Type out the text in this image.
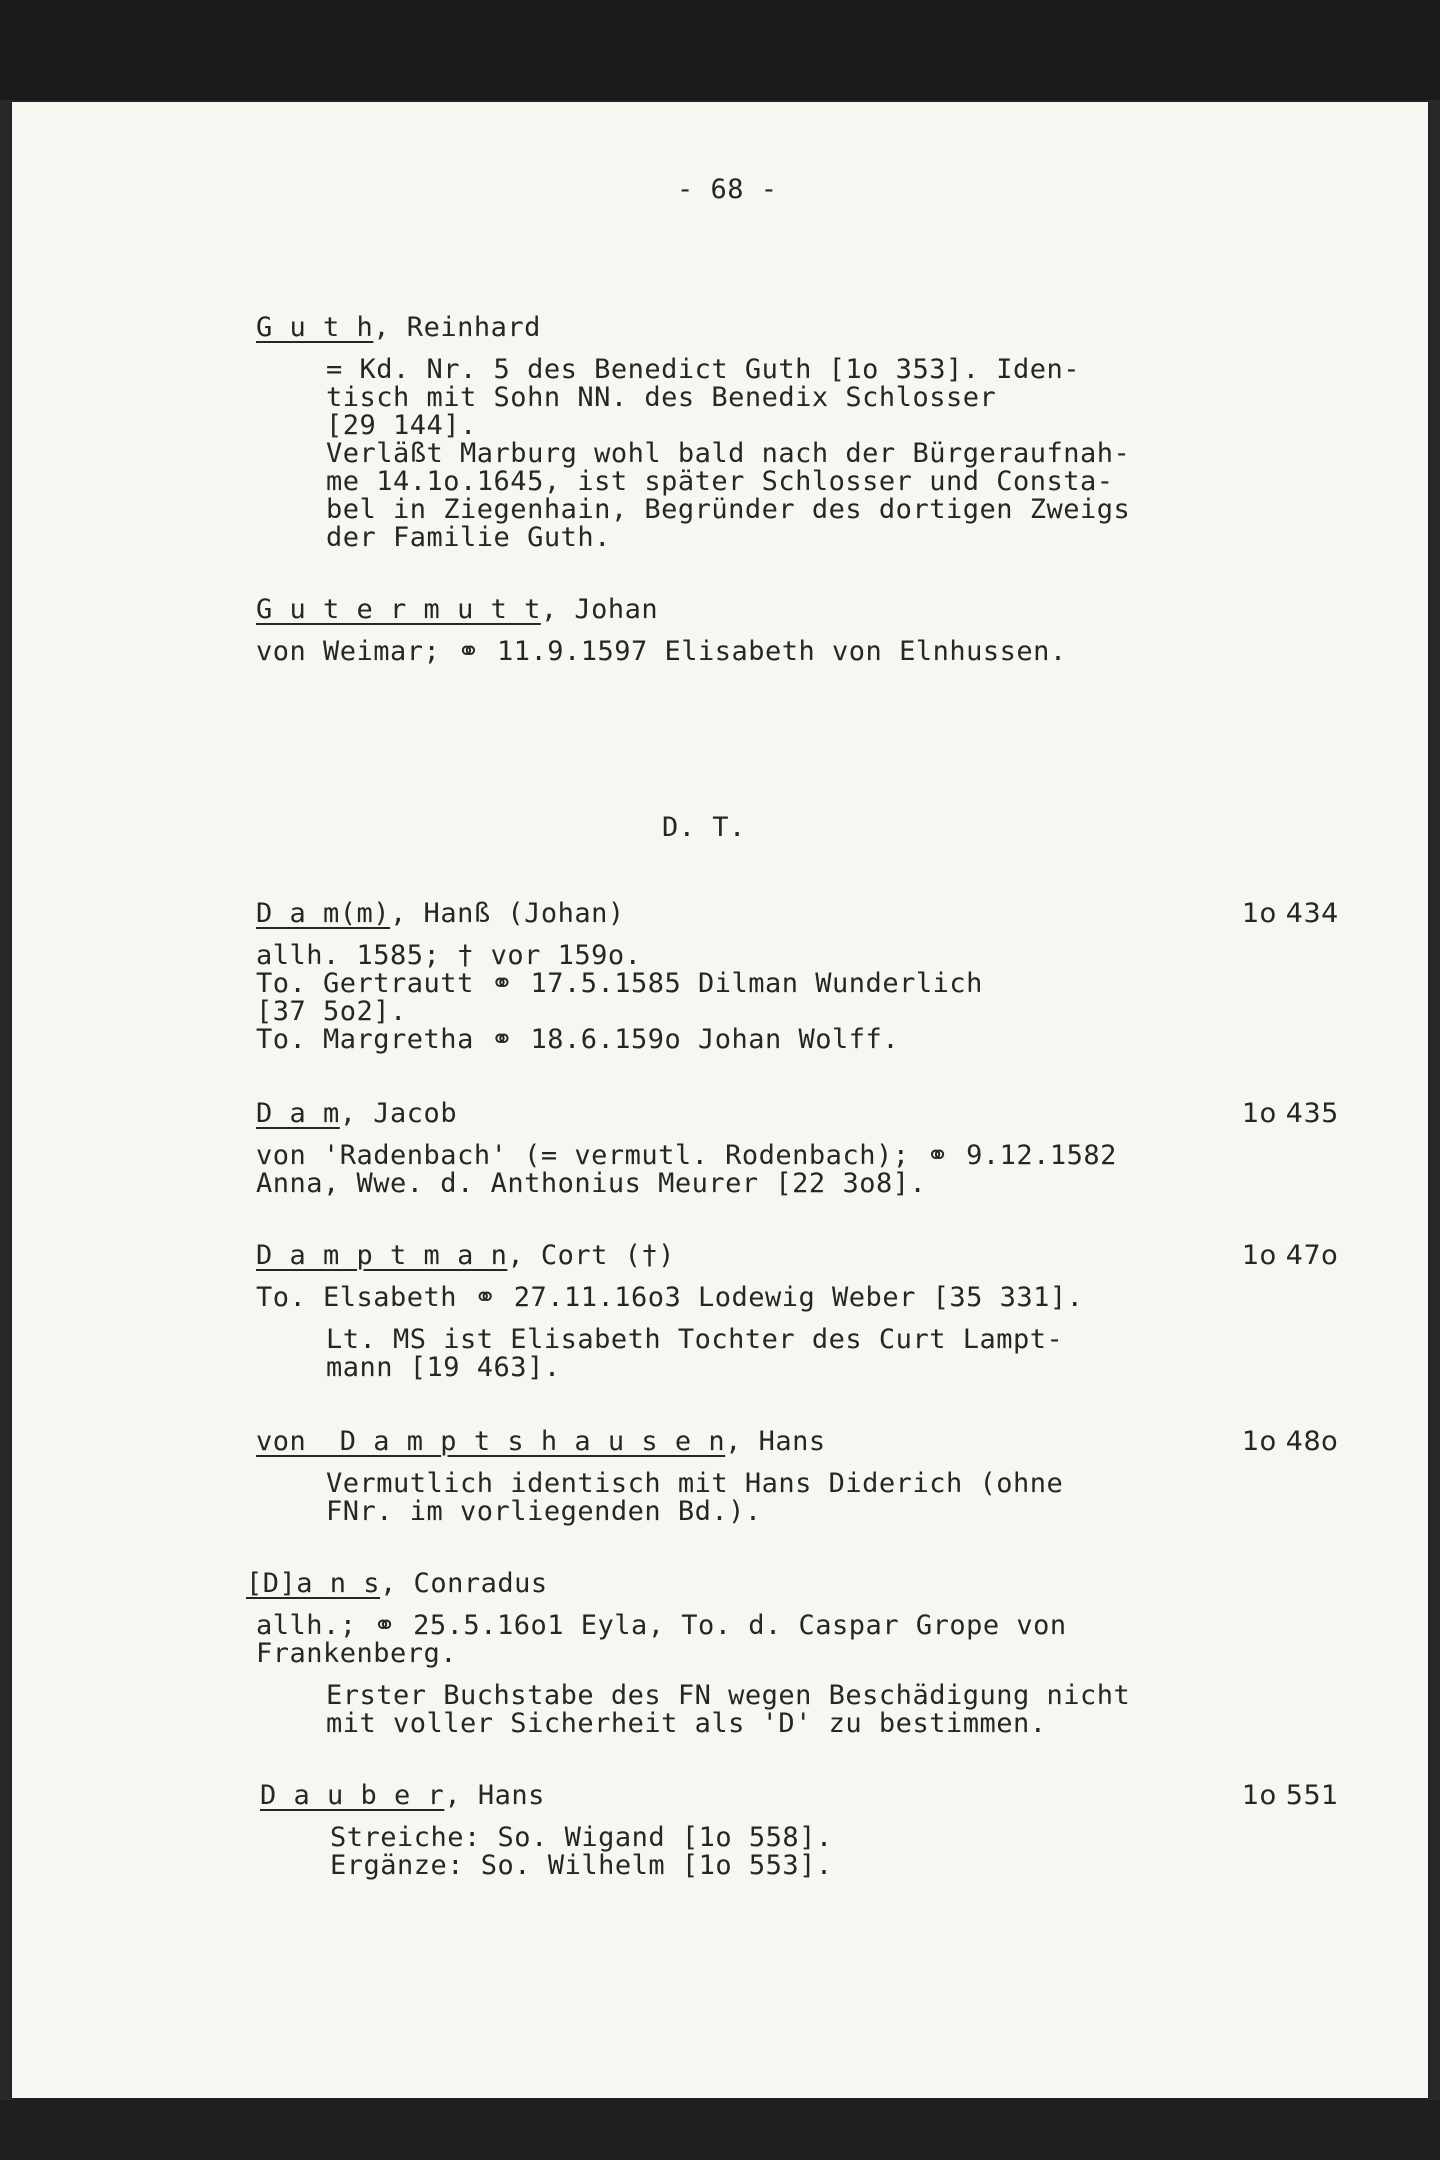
- 68 -
G u t h, Reinhard
= Kd. Nr. 5 des Benedict Guth [1o 353]. Iden-
tisch mit Sohn NN. des Benedix Schlosser
[29 144].
Verläßt Marburg wohl bald nach der Bürgeraufnah-
me 14.1o.1645, ist später Schlosser und Consta-
bel in Ziegenhain, Begründer des dortigen Zweigs
der Familie Guth.
G u t e r m u t t, Johan
von Weimar; ⚭ 11.9.1597 Elisabeth von Elnhussen.
D. T.
D a m(m), Hanß (Johan)	1o 434
allh. 1585; † vor 159o.
To. Gertrautt ⚭ 17.5.1585 Dilman Wunderlich
[37 5o2].
To. Margretha ⚭ 18.6.159o Johan Wolff.
D a m, Jacob	1o 435
von 'Radenbach' (= vermutl. Rodenbach); ⚭ 9.12.1582
Anna, Wwe. d. Anthonius Meurer [22 3o8].
D a m p t m a n, Cort (†)	1o 47o
To. Elsabeth ⚭ 27.11.16o3 Lodewig Weber [35 331].
Lt. MS ist Elisabeth Tochter des Curt Lampt-
mann [19 463].
von  D a m p t s h a u s e n, Hans	1o 48o
Vermutlich identisch mit Hans Diderich (ohne
FNr. im vorliegenden Bd.).
[D]a n s, Conradus
allh.; ⚭ 25.5.16o1 Eyla, To. d. Caspar Grope von
Frankenberg.
Erster Buchstabe des FN wegen Beschädigung nicht
mit voller Sicherheit als 'D' zu bestimmen.
D a u b e r, Hans	1o 551
Streiche: So. Wigand [1o 558].
Ergänze: So. Wilhelm [1o 553].
